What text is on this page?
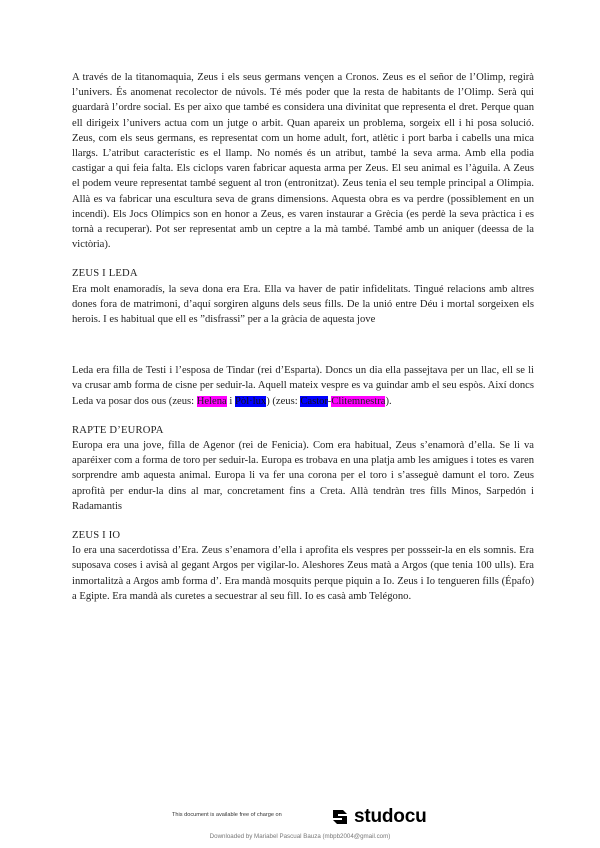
A través de la titanomaquia, Zeus i els seus germans vençen a Cronos. Zeus es el señor de l’Olimp, regirà l’univers. És anomenat recolector de núvols. Té més poder que la resta de habitants de l’Olimp. Serà qui guardarà l’ordre social. Es per aixo que també es considera una divinitat que representa el dret. Perque quan ell dirigeix l’univers actua com un jutge o arbit. Quan apareix un problema, sorgeix ell i hi posa solució. Zeus, com els seus germans, es representat com un home adult, fort, atlètic i port barba i cabells una mica llargs. L’atribut característic es el llamp. No només és un atribut, també la seva arma. Amb ella podia castigar a qui feia falta. Els ciclops varen fabricar aquesta arma per Zeus. El seu animal es l’àguila. A Zeus el podem veure representat també seguent al tron (entronitzat). Zeus tenia el seu temple principal a Olimpia. Allà es va fabricar una escultura seva de grans dimensions. Aquesta obra es va perdre (possiblement en un incendi). Els Jocs Olímpics son en honor a Zeus, es varen instaurar a Grècia (es perdè la seva pràctica i es tornà a recuperar). Pot ser representat amb un ceptre a la mà també. També amb un aniquer (deessa de la victòria).

ZEUS I LEDA

Era molt enamoradís, la seva dona era Era. Ella va haver de patir infidelitats. Tingué relacions amb altres dones fora de matrimoni, d’aquí sorgiren alguns dels seus fills. De la unió entre Déu i mortal sorgeixen els herois. I es habitual que ell es ”disfrassi” per a la gràcia de aquesta jove

Leda era filla de Testi i l’esposa de Tindar (rei d’Esparta). Doncs un dia ella passejtava per un llac, ell se li va crusar amb forma de cisne per seduir-la. Aquell mateix vespre es va guindar amb el seu espòs. Així doncs Leda va posar dos ous (zeus: Helena i Pòl·lux) (zeus: Castor-Clitemnestra).

RAPTE D’EUROPA

Europa era una jove, filla de Agenor (rei de Fenicia). Com era habitual, Zeus s’enamorà d’ella. Se li va aparéixer com a forma de toro per seduir-la. Europa es trobava en una platja amb les amigues i totes es varen sorprendre amb aquesta animal. Europa li va fer una corona per el toro i s’asseguè damunt el toro. Zeus aprofità per endur-la dins al mar, concretament fins a Creta. Allà tendràn tres fills Minos, Sarpedón i Radamantis

ZEUS I IO

Io era una sacerdotissa d’Era. Zeus s’enamora d’ella i aprofita els vespres per possseir-la en els somnis. Era suposava coses i avisà al gegant Argos per vigilar-lo. Aleshores Zeus matà a Argos (que tenia 100 ulls). Era inmortalitzà a Argos amb forma d’. Era mandà mosquits perque piquin a Io. Zeus i Io tengueren fills (Épafo) a Egipte. Era mandà als curetes a secuestrar al seu fill. Io es casà amb Telégono.

This document is available free of charge on	studocu
Downloaded by Mariabel Pascual Bauza (mbpb2004@gmail.com)
